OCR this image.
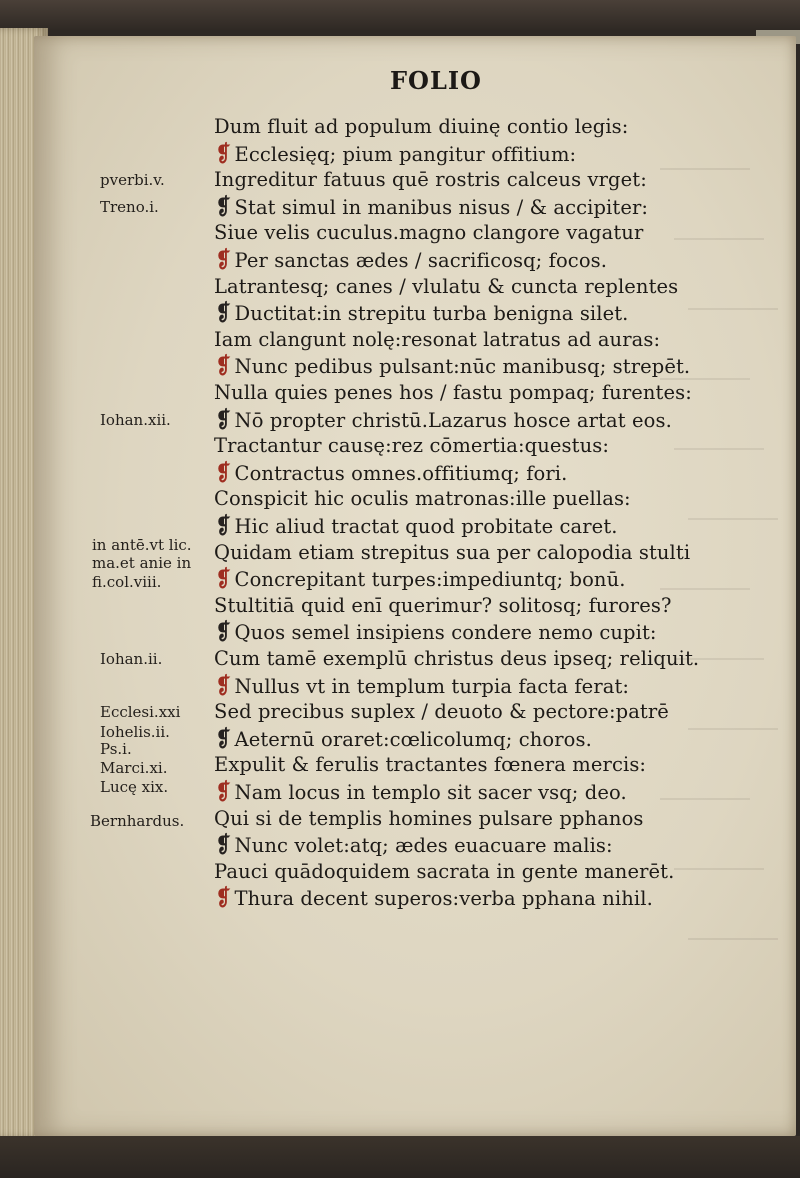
FOLIO
Dum fluit ad populum diuinę contio legis:
❡ Ecclesięq; pium pangitur offitium:
Ingreditur fatuus quē rostris calceus vrget:
❡ Stat simul in manibus nisus / & accipiter:
Siue velis cuculus.magno clangore vagatur
❡ Per sanctas ædes / sacrificosq; focos.
Latrantesq; canes / vlulatu & cuncta replentes
❡ Ductitat:in strepitu turba benigna silet.
Iam clangunt nolę:resonat latratus ad auras:
❡ Nunc pedibus pulsant:nūc manibusq; strepēt.
Nulla quies penes hos / fastu pompaq; furentes:
❡ Nō propter christū.Lazarus hosce artat eos.
Tractantur causę:rez cōmertia:questus:
❡ Contractus omnes.offitiumq; fori.
Conspicit hic oculis matronas:ille puellas:
❡ Hic aliud tractat quod probitate caret.
Quidam etiam strepitus sua per calopodia stulti
❡ Concrepitant turpes:impediuntq; bonū.
Stultitiā quid enī querimur? solitosq; furores?
❡ Quos semel insipiens condere nemo cupit:
Cum tamē exemplū christus deus ipseq; reliquit.
❡ Nullus vt in templum turpia facta ferat:
Sed precibus suplex / deuoto & pectore:patrē
❡ Aeternū oraret:cœlicolumq; choros.
Expulit & ferulis tractantes fœnera mercis:
❡ Nam locus in templo sit sacer vsq; deo.
Qui si de templis homines pulsare pphanos
❡ Nunc volet:atq; ædes euacuare malis:
Pauci quādoquidem sacrata in gente manerēt.
❡ Thura decent superos:verba pphana nihil.
pverbi.v.
Treno.i.
Iohan.xii.
in antē.vt lic.
ma.et anie in
fi.col.viii.
Iohan.ii.
Ecclesi.xxi
Iohelis.ii.
Ps.i.
Marci.xi.
Lucę xix.
Bernhardus.
